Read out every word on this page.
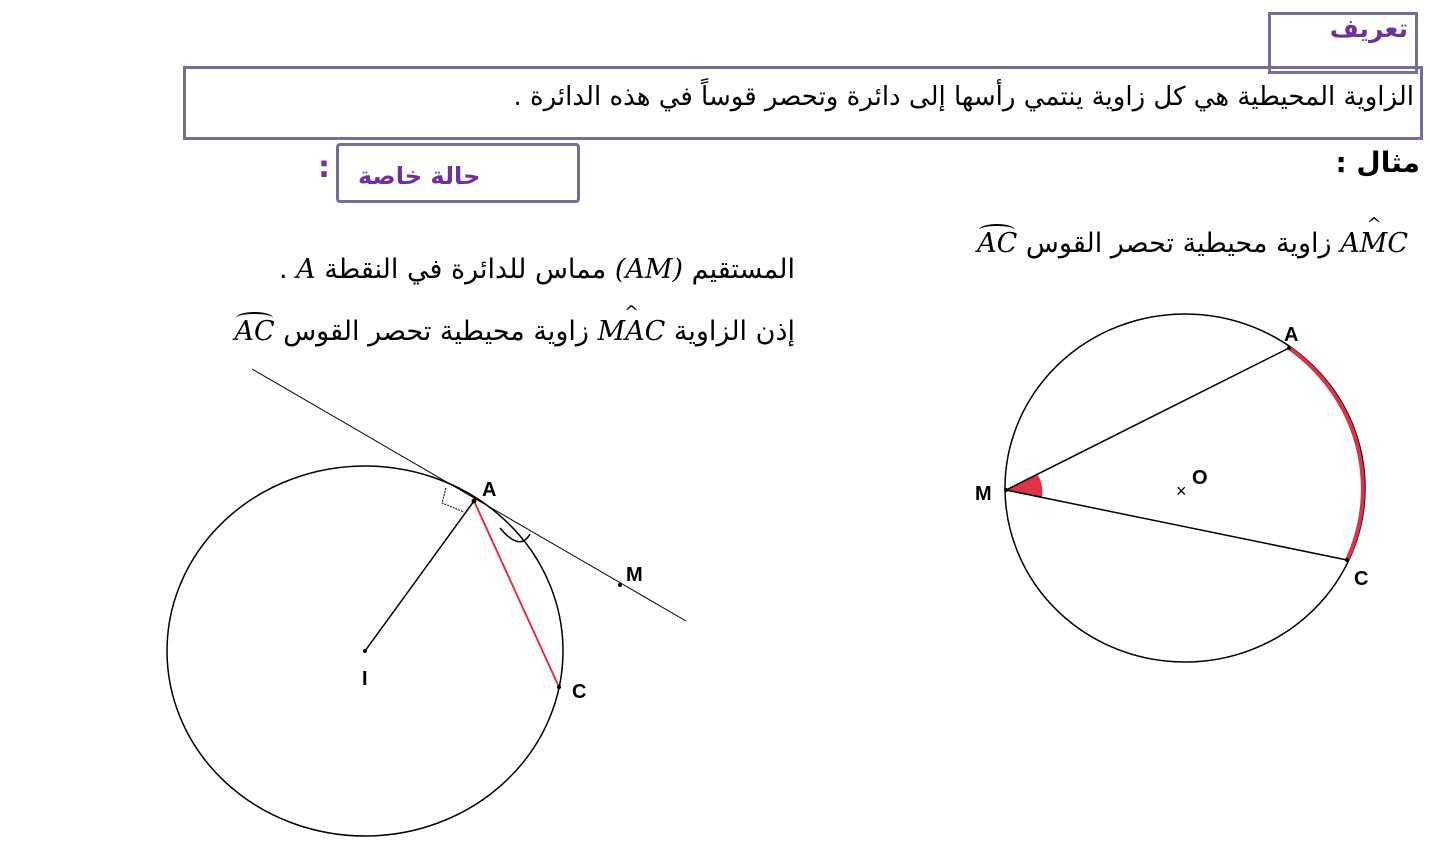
تعريف
الزاوية المحيطية هي كل زاوية ينتمي رأسها إلى دائرة وتحصر قوساً في هذه الدائرة .
مثال :
حالة خاصة
:
^ AMC زاوية محيطية تحصر القوس AC
المستقيم (AM) مماس للدائرة في النقطة A .
إذن الزاوية ^ MAC زاوية محيطية تحصر القوس AC
A
M
I
C
×
O
A
M
C
